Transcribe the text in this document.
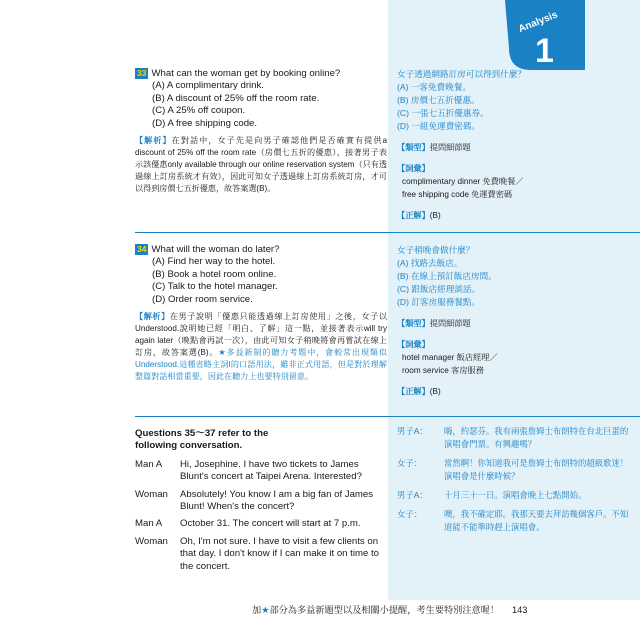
Analysis
1
33 What can the woman get by booking online?
(A) A complimentary drink.
(B) A discount of 25% off the room rate.
(C) A 25% off coupon.
(D) A free shipping code.
【解析】在對話中，女子先是向男子確認他們是否確實有提供a discount of 25% off the room rate（房價七五折的優惠），接著男子表示該優惠only available through our online reservation system（只有透過線上訂房系統才有效），因此可知女子透過線上訂房系統訂房，才可以得到房價七五折優惠，故答案選(B)。
女子透過網路訂房可以得到什麼？
(A) 一客免費晚餐。
(B) 房價七五折優惠。
(C) 一張七五折優惠券。
(D) 一組免運費密碼。
【類型】提問細節題
【詞彙】
complimentary dinner 免費晚餐／
free shipping code 免運費密碼
【正解】(B)
34 What will the woman do later?
(A) Find her way to the hotel.
(B) Book a hotel room online.
(C) Talk to the hotel manager.
(D) Order room service.
【解析】在男子說明「優惠只能透過線上訂房使用」之後，女子以Understood.說明她已經「明白、了解」這一點，並接著表示will try again later（晚點會再試一次），由此可知女子稍晚將會再嘗試在線上訂房，故答案選(B)。★多益新制的聽力考題中，會較常出現類似Understood.這種省略主詞I的口語用法，雖非正式用語，但是對於理解整篇對話相當重要，因此在聽力上也要特別留意。
女子稍晚會做什麼？
(A) 找路去飯店。
(B) 在線上預訂飯店房間。
(C) 跟飯店經理談話。
(D) 訂客房服務餐點。
【類型】提問細節題
【詞彙】
hotel manager 飯店經理／
room service 客房服務
【正解】(B)
Questions 35～37 refer to the
following conversation.
Man A	Hi, Josephine. I have two tickets to James Blunt's concert at Taipei Arena. Interested?
Woman	Absolutely! You know I am a big fan of James Blunt! When's the concert?
Man A	October 31. The concert will start at 7 p.m.
Woman	Oh, I'm not sure. I have to visit a few clients on that day. I don't know if I can make it on time to the concert.
男子A：	嗨，約瑟芬。我有兩張詹姆士布朗特在台北巨蛋的演唱會門票。有興趣嗎？
女子：	當然啊！你知道我可是詹姆士布朗特的超級歌迷！演唱會是什麼時候？
男子A：	十月三十一日。演唱會晚上七點開始。
女子：	噢，我不確定耶。我那天要去拜訪幾個客戶。不知道能不能準時趕上演唱會。
加★部分為多益新題型以及相關小提醒，考生要特別注意喔！	143
